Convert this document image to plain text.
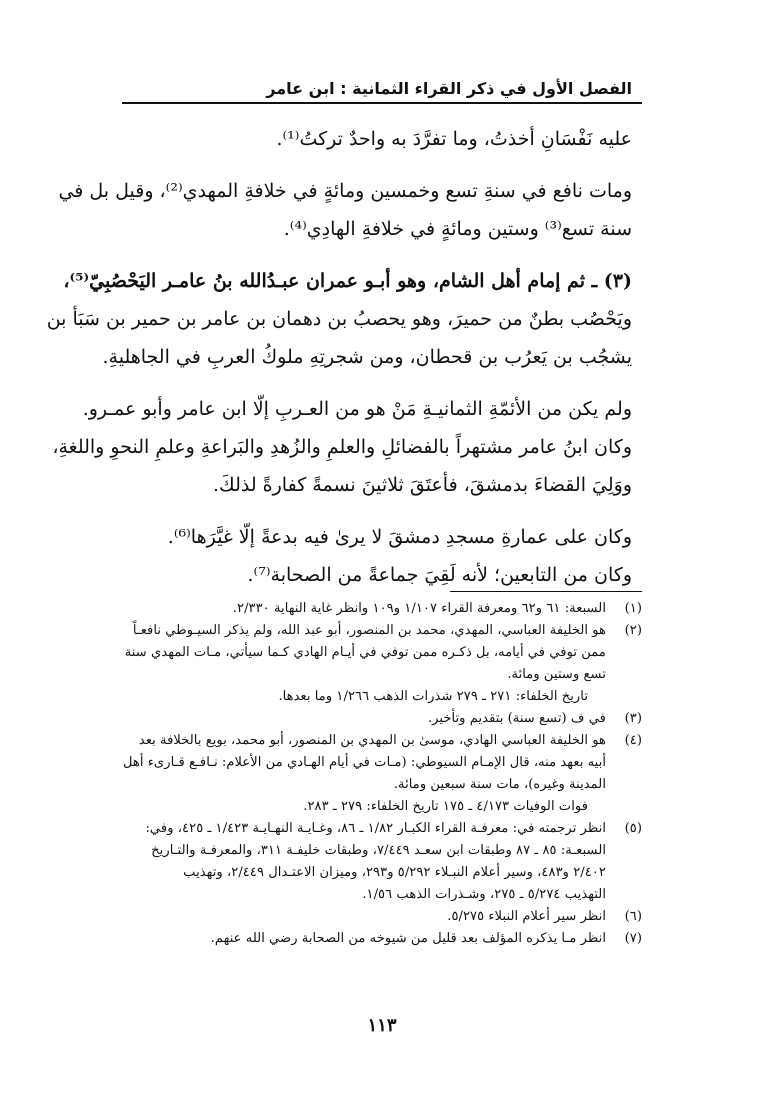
الفصل الأول في ذكر القراء الثمانية : ابن عامر

عليه نَفْسَانِ أخذتُ، وما تفرَّدَ به واحدٌ تركتُ⁽¹⁾.

ومات نافع في سنةِ تسع وخمسين ومائةٍ في خلافةِ المهدي⁽²⁾، وقيل بل في
سنة تسع⁽³⁾ وستين ومائةٍ في خلافةِ الهادِي⁽⁴⁾.

(٣) ـ ثم إمام أهل الشام، وهو أبـو عمران عبـدُالله بنُ عامـر اليَحْصُبِيّ⁽⁵⁾،
ويَحْصُب بطنٌ من حميرَ، وهو يحصبُ بن دهمان بن عامر بن حمير بن سَبَأ بن
يشجُب بن يَعرُب بن قحطان، ومن شجرتِهِ ملوكُ العربِ في الجاهليةِ.

ولم يكن من الأئمّةِ الثمانيـةِ مَنْ هو من العـربِ إلّا ابن عامر وأبو عمـرو.
وكان ابنُ عامر مشتهراً بالفضائلِ والعلمِ والزُهدِ والبَراعةِ وعلمِ النحوِ واللغةِ،
ووَلِيَ القضاءَ بدمشقَ، فأعتَقَ ثلاثينَ نسمةً كفارةً لذلكَ.

وكان على عمارةِ مسجدِ دمشقَ لا يرىٰ فيه بدعةً إلّا غيَّرَها⁽⁶⁾.
وكان من التابعين؛ لأنه لَقِيَ جماعةً من الصحابة⁽⁷⁾.

(١)
السبعة: ٦١ و٦٢ ومعرفة القراء ١/١٠٧ و١٠٩ وانظر غاية النهاية ٢/٣٣٠.
(٢)
هو الخليفة العباسي، المهدي، محمد بن المنصور، أبو عبد الله، ولم يذكر السيـوطي نافعـاً
ممن توفي في أيامه، بل ذكـره ممن توفي في أيـام الهادي كـما سيأتي، مـات المهدي سنة
تسع وستين ومائة.
تاريخ الخلفاء: ٢٧١ ـ ٢٧٩ شذرات الذهب ١/٢٦٦ وما بعدها.
(٣)
في ف (تسع سنة) بتقديم وتأخير.
(٤)
هو الخليفة العباسي الهادي، موسىٰ بن المهدي بن المنصور، أبو محمد، بويع بالخلافة بعد
أبيه بعهد منه، قال الإمـام السيوطي: (مـات في أيام الهـادي من الأعلام: نـافـع قـارىء أهل
المدينة وغيره)، مات سنة سبعين ومائة.
فوات الوفيات ٤/١٧٣ ـ ١٧٥ تاريخ الخلفاء: ٢٧٩ ـ ٢٨٣.
(٥)
انظر ترجمته في: معرفـة القراء الكبـار ١/٨٢ ـ ٨٦، وغـايـة النهـايـة ١/٤٢٣ ـ ٤٢٥، وفي:
السبعـة: ٨٥ ـ ٨٧ وطبقات ابن سعـد ٧/٤٤٩، وطبقات خليفـة ٣١١، والمعرفـة والتـاريخ
٢/٤٠٢ و٤٨٣، وسير أعلام النبـلاء ٥/٢٩٢ و٢٩٣، وميزان الاعتـدال ٢/٤٤٩، وتهذيب
التهذيب ٥/٢٧٤ ـ ٢٧٥، وشـذرات الذهب ١/٥٦.
(٦)
انظر سير أعلام النبلاء ٥/٢٧٥.
(٧)
انظر مـا يذكره المؤلف بعد قليل من شيوخه من الصحابة رضي الله عنهم.
١١٣
